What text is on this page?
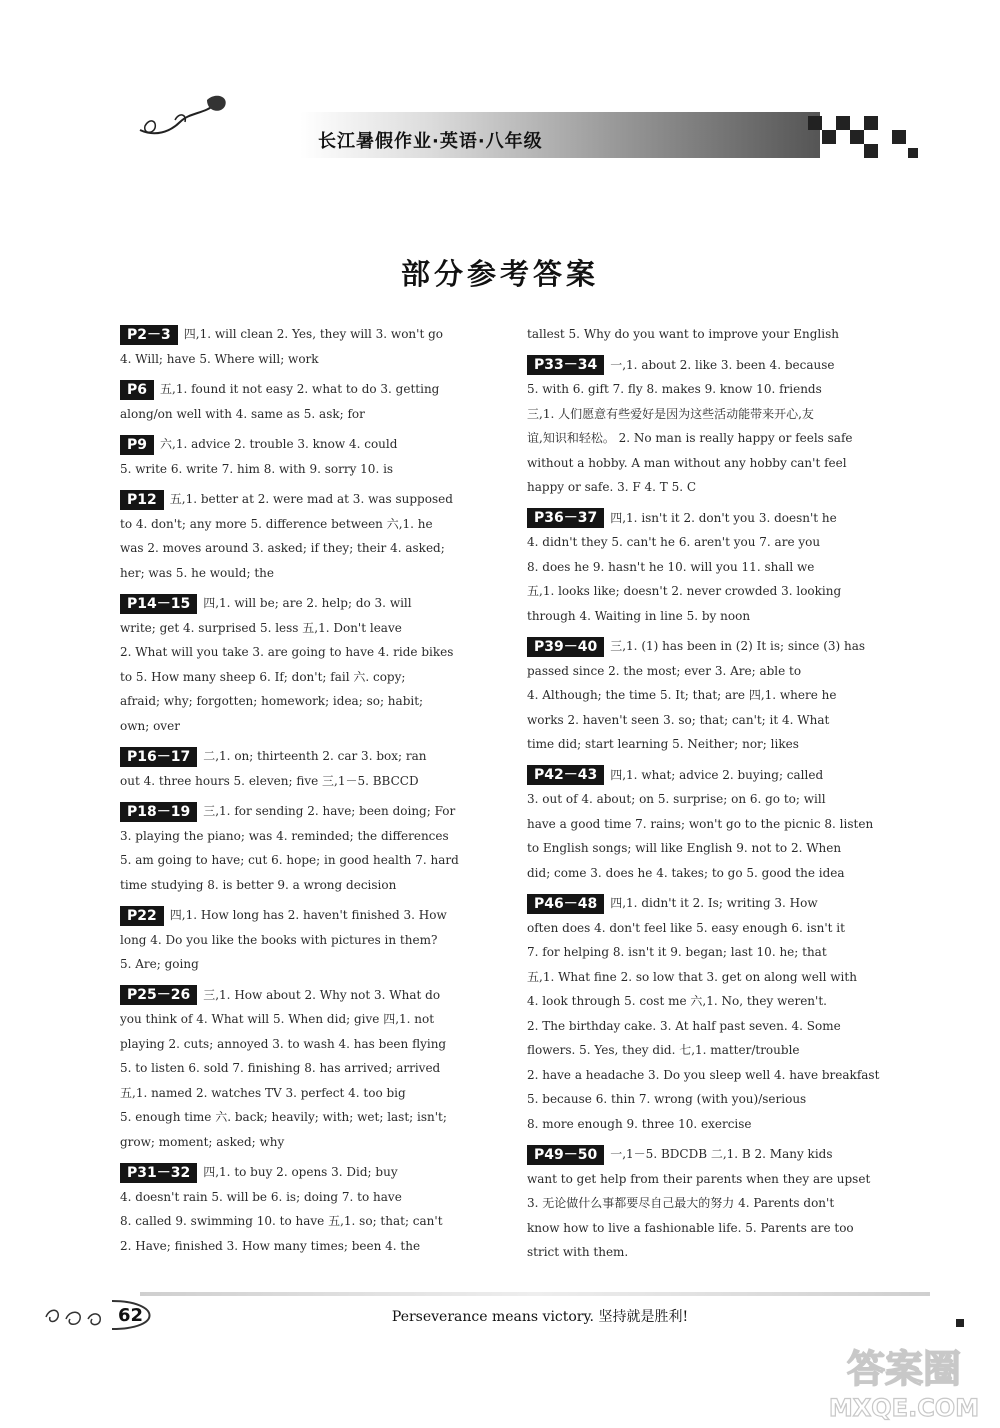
长江暑假作业·英语·八年级
部分参考答案
P2－3 四,1. will clean 2. Yes, they will 3. won't go
4. Will; have 5. Where will; work
P6 五,1. found it not easy 2. what to do 3. getting
along/on well with 4. same as 5. ask; for
P9 六,1. advice 2. trouble 3. know 4. could
5. write 6. write 7. him 8. with 9. sorry 10. is
P12 五,1. better at 2. were mad at 3. was supposed
to 4. don't; any more 5. difference between 六,1. he
was 2. moves around 3. asked; if they; their 4. asked;
her; was 5. he would; the
P14－15 四,1. will be; are 2. help; do 3. will
write; get 4. surprised 5. less 五,1. Don't leave
2. What will you take 3. are going to have 4. ride bikes
to 5. How many sheep 6. If; don't; fail 六. copy;
afraid; why; forgotten; homework; idea; so; habit;
own; over
P16－17 二,1. on; thirteenth 2. car 3. box; ran
out 4. three hours 5. eleven; five 三,1－5. BBCCD
P18－19 三,1. for sending 2. have; been doing; For
3. playing the piano; was 4. reminded; the differences
5. am going to have; cut 6. hope; in good health 7. hard
time studying 8. is better 9. a wrong decision
P22 四,1. How long has 2. haven't finished 3. How
long 4. Do you like the books with pictures in them?
5. Are; going
P25－26 三,1. How about 2. Why not 3. What do
you think of 4. What will 5. When did; give 四,1. not
playing 2. cuts; annoyed 3. to wash 4. has been flying
5. to listen 6. sold 7. finishing 8. has arrived; arrived
五,1. named 2. watches TV 3. perfect 4. too big
5. enough time 六. back; heavily; with; wet; last; isn't;
grow; moment; asked; why
P31－32 四,1. to buy 2. opens 3. Did; buy
4. doesn't rain 5. will be 6. is; doing 7. to have
8. called 9. swimming 10. to have 五,1. so; that; can't
2. Have; finished 3. How many times; been 4. the
tallest 5. Why do you want to improve your English
P33－34 一,1. about 2. like 3. been 4. because
5. with 6. gift 7. fly 8. makes 9. know 10. friends
三,1. 人们愿意有些爱好是因为这些活动能带来开心,友
谊,知识和轻松。 2. No man is really happy or feels safe
without a hobby. A man without any hobby can't feel
happy or safe. 3. F 4. T 5. C
P36－37 四,1. isn't it 2. don't you 3. doesn't he
4. didn't they 5. can't he 6. aren't you 7. are you
8. does he 9. hasn't he 10. will you 11. shall we
五,1. looks like; doesn't 2. never crowded 3. looking
through 4. Waiting in line 5. by noon
P39－40 三,1. (1) has been in (2) It is; since (3) has
passed since 2. the most; ever 3. Are; able to
4. Although; the time 5. It; that; are 四,1. where he
works 2. haven't seen 3. so; that; can't; it 4. What
time did; start learning 5. Neither; nor; likes
P42－43 四,1. what; advice 2. buying; called
3. out of 4. about; on 5. surprise; on 6. go to; will
have a good time 7. rains; won't go to the picnic 8. listen
to English songs; will like English 9. not to 2. When
did; come 3. does he 4. takes; to go 5. good the idea
P46－48 四,1. didn't it 2. Is; writing 3. How
often does 4. don't feel like 5. easy enough 6. isn't it
7. for helping 8. isn't it 9. began; last 10. he; that
五,1. What fine 2. so low that 3. get on along well with
4. look through 5. cost me 六,1. No, they weren't.
2. The birthday cake. 3. At half past seven. 4. Some
flowers. 5. Yes, they did. 七,1. matter/trouble
2. have a headache 3. Do you sleep well 4. have breakfast
5. because 6. thin 7. wrong (with you)/serious
8. more enough 9. three 10. exercise
P49－50 一,1－5. BDCDB 二,1. B 2. Many kids
want to get help from their parents when they are upset
3. 无论做什么事都要尽自己最大的努力 4. Parents don't
know how to live a fashionable life. 5. Parents are too
strict with them.
62	Perseverance means victory. 坚持就是胜利!
答案圈
MXQE.COM
